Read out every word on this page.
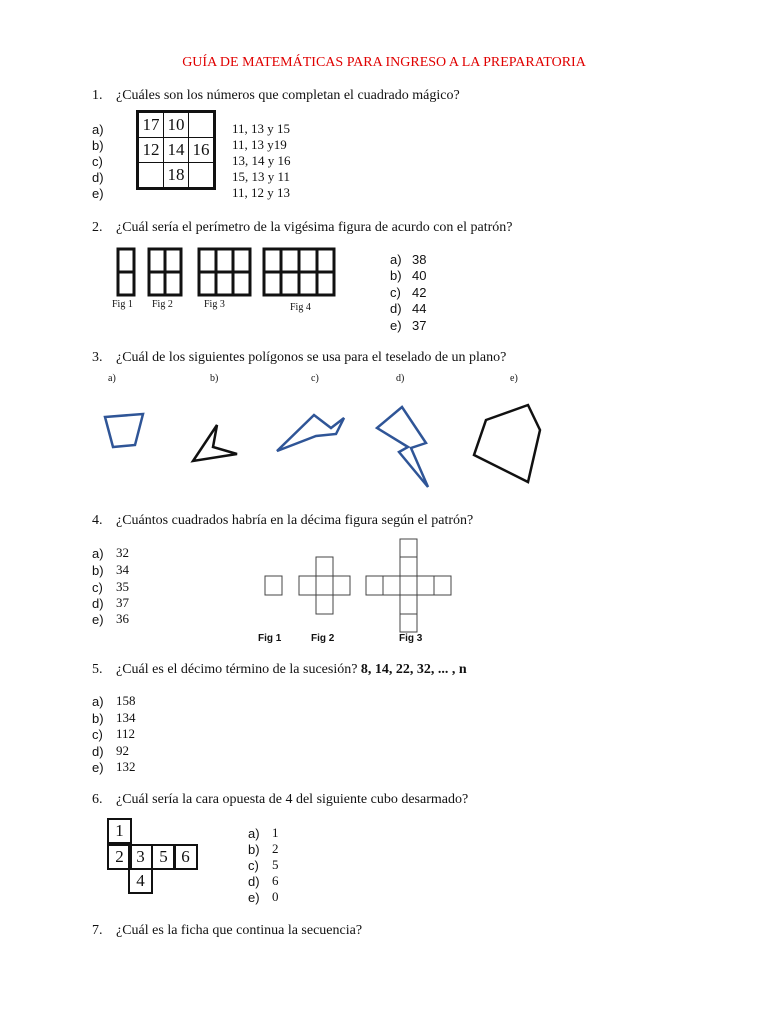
GUÍA DE MATEMÁTICAS PARA INGRESO A LA PREPARATORIA
1. ¿Cuáles son los números que completan el cuadrado mágico?
17	10	
12	14	16
	18	
a)
b)
c)
d)
e)
11, 13 y 15
11, 13 y19
13, 14 y 16
15, 13 y 11
11, 12 y 13
2. ¿Cuál sería el perímetro de la vigésima figura de acurdo con el patrón?
Fig 1 Fig 2	Fig 3	Fig 4
a)
b)
c)
d)
e)
38
40
42
44
37
3. ¿Cuál de los siguientes polígonos se usa para el teselado de un plano?
a)	b)	c)	d)	e)
4. ¿Cuántos cuadrados habría en la décima figura según el patrón?
a)
b)
c)
d)
e)
32
34
35
37
36
Fig 1	Fig 2	Fig 3
5. ¿Cuál es el décimo término de la sucesión? 8, 14, 22, 32, ... , n
a)
b)
c)
d)
e)
158
134
112
92
132
6. ¿Cuál sería la cara opuesta de 4 del siguiente cubo desarmado?
1
2 3 5 6
4
a)
b)
c)
d)
e)
1
2
5
6
0
7. ¿Cuál es la ficha que continua la secuencia?
